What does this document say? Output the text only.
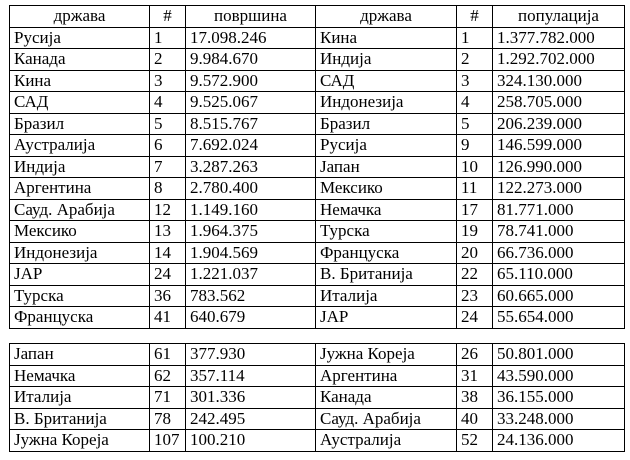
држава	#	површина	држава	#	популација
Русија	1	17.098.246	Кина	1	1.377.782.000
Канада	2	9.984.670	Индија	2	1.292.702.000
Кина	3	9.572.900	САД	3	324.130.000
САД	4	9.525.067	Индонезија	4	258.705.000
Бразил	5	8.515.767	Бразил	5	206.239.000
Аустралија	6	7.692.024	Русија	9	146.599.000
Индија	7	3.287.263	Јапан	10	126.990.000
Аргентина	8	2.780.400	Мексико	11	122.273.000
Сауд. Арабија	12	1.149.160	Немачка	17	81.771.000
Мексико	13	1.964.375	Турска	19	78.741.000
Индонезија	14	1.904.569	Француска	20	66.736.000
ЈАР	24	1.221.037	В. Британија	22	65.110.000
Турска	36	783.562	Италија	23	60.665.000
Француска	41	640.679	ЈАР	24	55.654.000
Јапан	61	377.930	Јужна Кореја	26	50.801.000
Немачка	62	357.114	Аргентина	31	43.590.000
Италија	71	301.336	Канада	38	36.155.000
В. Британија	78	242.495	Сауд. Арабија	40	33.248.000
Јужна Кореја	107	100.210	Аустралија	52	24.136.000
